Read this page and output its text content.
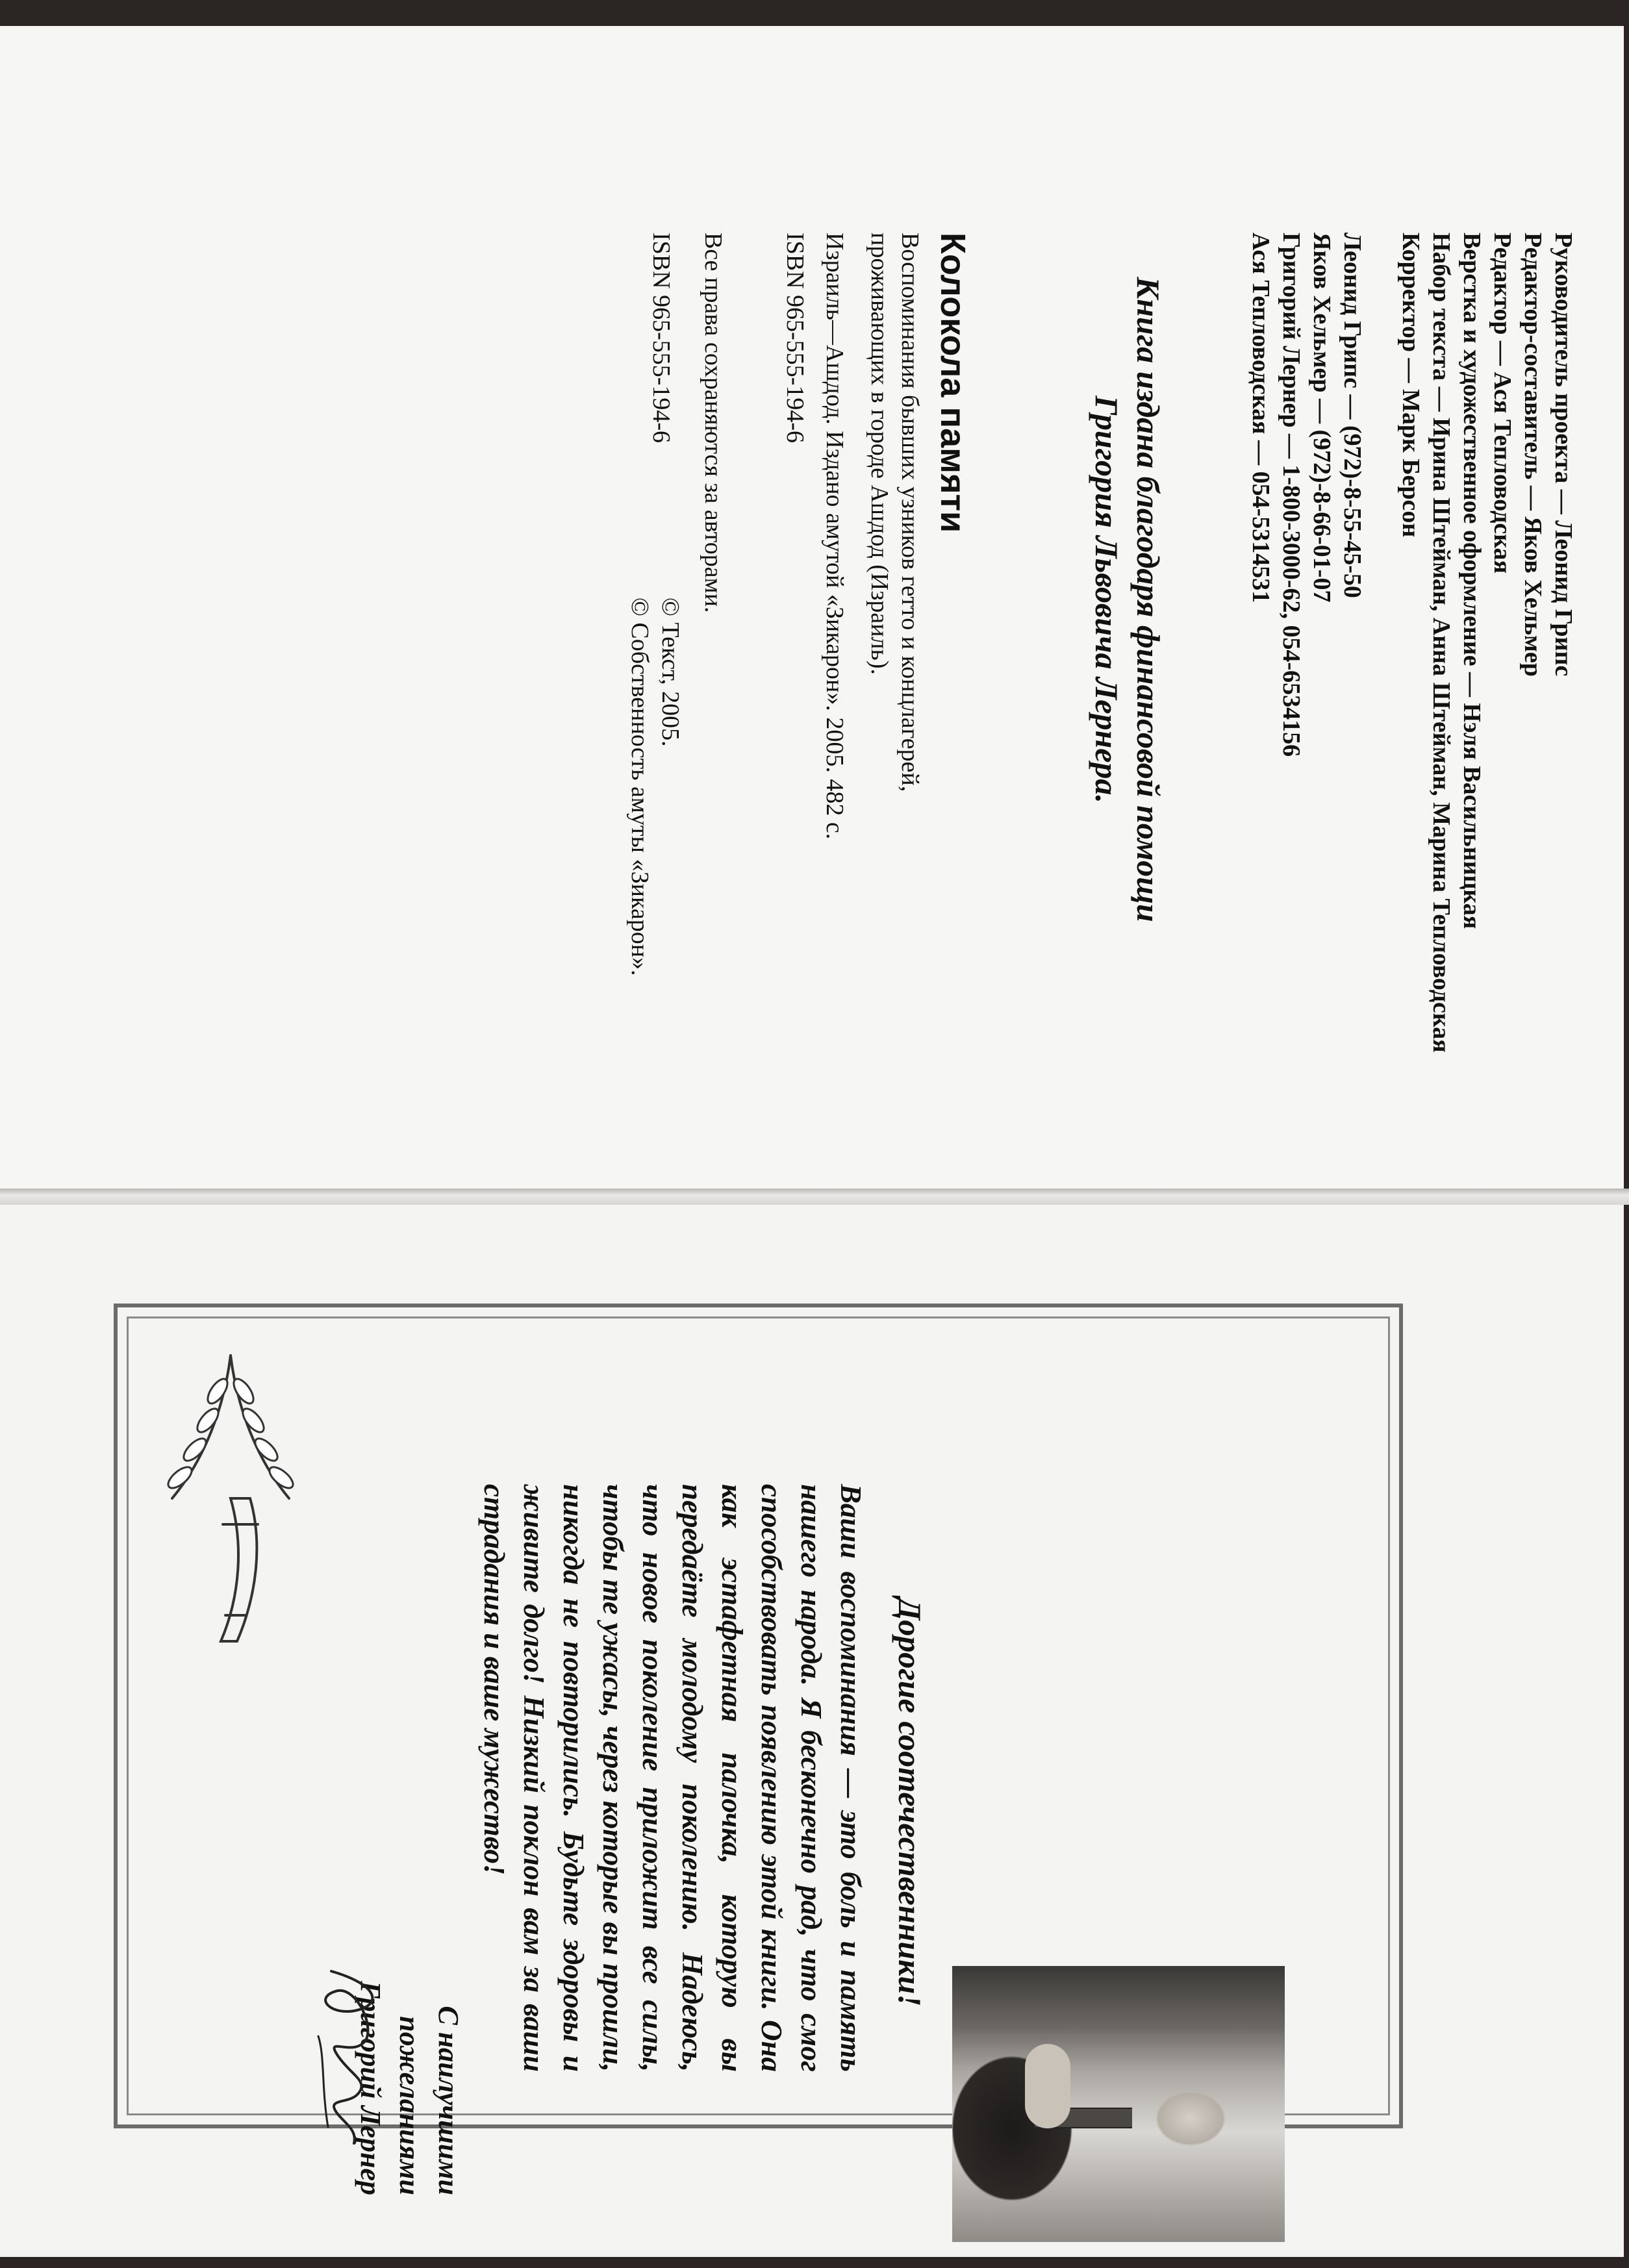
Руководитель проекта — Леонид Грипс
Редактор-составитель — Яков Хельмер
Редактор — Ася Тепловодская
Верстка и художественное оформление — Нэля Васильницкая
Набор текста — Ирина Штейман, Анна Штейман, Марина Тепловодская
Корректор — Марк Берсон
Леонид Грипс — (972)-8-55-45-50
Яков Хельмер — (972)-8-66-01-07
Григорий Лернер — 1-800-3000-62, 054-6534156
Ася Тепловодская — 054-5314531
Книга издана благодаря финансовой помощи
Григория Львовича Лернера.
Колокола памяти
Воспоминания бывших узников гетто и концлагерей,
проживающих в городе Ашдод (Израиль).
Израиль—Ашдод. Издано амутой «Зикарон». 2005. 482 с.
ISBN 965-555-194-6
Все права сохраняются за авторами.
ISBN 965-555-194-6
© Текст, 2005.
© Собственность амуты «Зикарон».
Дорогие соотечественники!

Ваши воспоминания — это боль и память нашего народа. Я бесконечно рад, что смог способствовать появлению этой книги. Она как эстафетная палочка, которую вы передаёте молодому поколению. Надеюсь, что новое поколение приложит все силы, чтобы те ужасы, через которые вы прошли, никогда не повторились. Будьте здоровы и живите долго! Низкий поклон вам за ваши страдания и ваше мужество!

С наилучшими пожеланиями
Григорий Лернер
